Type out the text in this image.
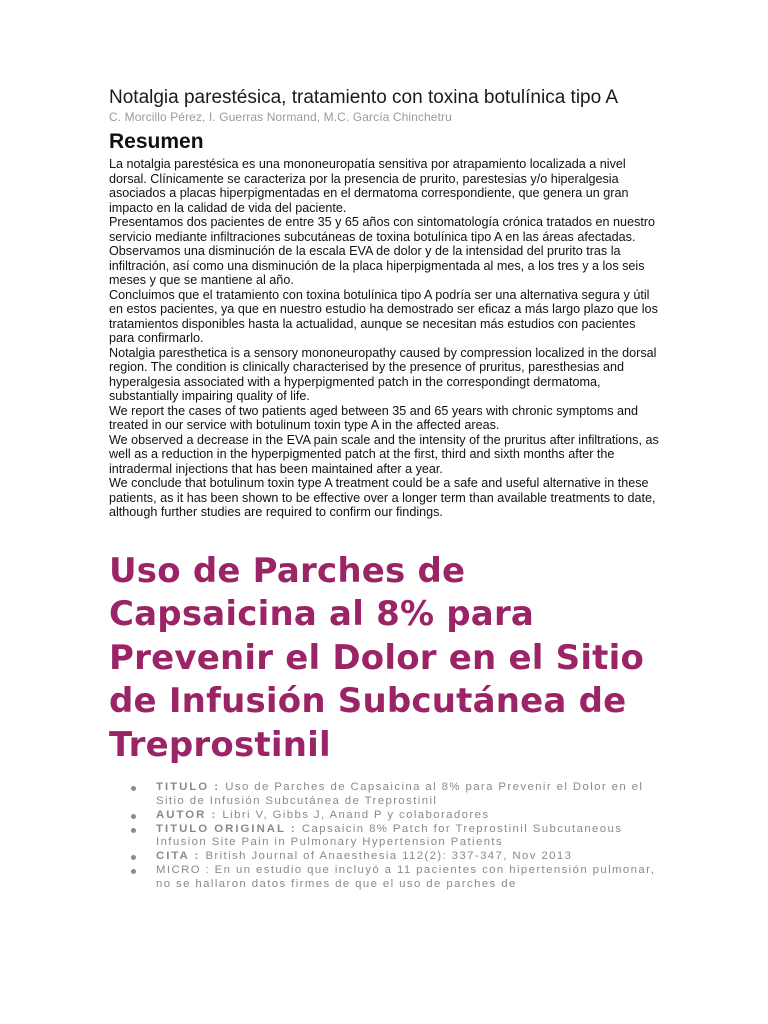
Notalgia parestésica, tratamiento con toxina botulínica tipo A
C. Morcillo Pérez, I. Guerras Normand, M.C. García Chinchetru
Resumen

La notalgia parestésica es una mononeuropatía sensitiva por atrapamiento localizada a nivel dorsal. Clínicamente se caracteriza por la presencia de prurito, parestesias y/o hiperalgesia asociados a placas hiperpigmentadas en el dermatoma correspondiente, que genera un gran impacto en la calidad de vida del paciente.

Presentamos dos pacientes de entre 35 y 65 años con sintomatología crónica tratados en nuestro servicio mediante infiltraciones subcutáneas de toxina botulínica tipo A en las áreas afectadas.

Observamos una disminución de la escala EVA de dolor y de la intensidad del prurito tras la infiltración, así como una disminución de la placa hiperpigmentada al mes, a los tres y a los seis meses y que se mantiene al año.

Concluimos que el tratamiento con toxina botulínica tipo A podría ser una alternativa segura y útil en estos pacientes, ya que en nuestro estudio ha demostrado ser eficaz a más largo plazo que los tratamientos disponibles hasta la actualidad, aunque se necesitan más estudios con pacientes para confirmarlo.

Notalgia paresthetica is a sensory mononeuropathy caused by compression localized in the dorsal region. The condition is clinically characterised by the presence of pruritus, paresthesias and hyperalgesia associated with a hyperpigmented patch in the correspondingt dermatoma, substantially impairing quality of life.

We report the cases of two patients aged between 35 and 65 years with chronic symptoms and treated in our service with botulinum toxin type A in the affected areas.

We observed a decrease in the EVA pain scale and the intensity of the pruritus after infiltrations, as well as a reduction in the hyperpigmented patch at the first, third and sixth months after the intradermal injections that has been maintained after a year.

We conclude that botulinum toxin type A treatment could be a safe and useful alternative in these patients, as it has been shown to be effective over a longer term than available treatments to date, although further studies are required to confirm our findings.

Uso de Parches de Capsaicina al 8% para Prevenir el Dolor en el Sitio de Infusión Subcutánea de Treprostinil
TITULO : Uso de Parches de Capsaicina al 8% para Prevenir el Dolor en el Sitio de Infusión Subcutánea de Treprostinil
AUTOR : Libri V, Gibbs J, Anand P y colaboradores
TITULO ORIGINAL : Capsaicin 8% Patch for Treprostinil Subcutaneous Infusion Site Pain in Pulmonary Hypertension Patients
CITA : British Journal of Anaesthesia 112(2): 337-347, Nov 2013
MICRO : En un estudio que incluyó a 11 pacientes con hipertensión pulmonar, no se hallaron datos firmes de que el uso de parches de
